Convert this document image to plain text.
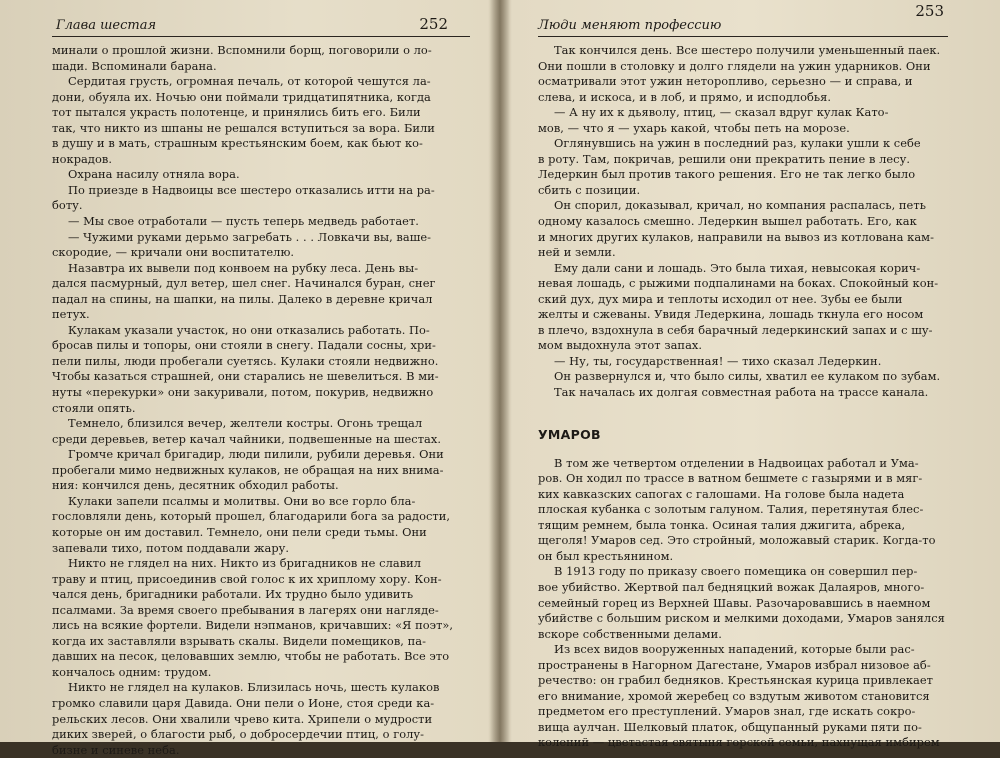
Глава шестая	252

минали о прошлой жизни. Вспомнили борщ, поговорили о ло-
шади. Вспоминали барана.

Сердитая грусть, огромная печаль, от которой чешутся ла-
дони, обуяла их. Ночью они поймали тридцатипятника, когда
тот пытался украсть полотенце, и принялись бить его. Били
так, что никто из шпаны не решался вступиться за вора. Били
в душу и в мать, страшным крестьянским боем, как бьют ко-
нокрадов.

Охрана насилу отняла вора.

По приезде в Надвоицы все шестеро отказались итти на ра-
боту.

— Мы свое отработали — пусть теперь медведь работает.

— Чужими руками дерьмо загребать . . . Ловкачи вы, ваше-
скородие, — кричали они воспитателю.

Назавтра их вывели под конвоем на рубку леса. День вы-
дался пасмурный, дул ветер, шел снег. Начинался буран, снег
падал на спины, на шапки, на пилы. Далеко в деревне кричал
петух.

Кулакам указали участок, но они отказались работать. По-
бросав пилы и топоры, они стояли в снегу. Падали сосны, хри-
пели пилы, люди пробегали суетясь. Кулаки стояли недвижно.
Чтобы казаться страшней, они старались не шевелиться. В ми-
нуты «перекурки» они закуривали, потом, покурив, недвижно
стояли опять.

Темнело, близился вечер, желтели костры. Огонь трещал
среди деревьев, ветер качал чайники, подвешенные на шестах.

Громче кричал бригадир, люди пилили, рубили деревья. Они
пробегали мимо недвижных кулаков, не обращая на них внима-
ния: кончился день, десятник обходил работы.

Кулаки запели псалмы и молитвы. Они во все горло бла-
гословляли день, который прошел, благодарили бога за радости,
которые он им доставил. Темнело, они пели среди тьмы. Они
запевали тихо, потом поддавали жару.

Никто не глядел на них. Никто из бригадников не славил
траву и птиц, присоединив свой голос к их хриплому хору. Кон-
чался день, бригадники работали. Их трудно было удивить
псалмами. За время своего пребывания в лагерях они нагляде-
лись на всякие фортели. Видели нэпманов, кричавших: «Я поэт»,
когда их заставляли взрывать скалы. Видели помещиков, па-
давших на песок, целовавших землю, чтобы не работать. Все это
кончалось одним: трудом.

Никто не глядел на кулаков. Близилась ночь, шесть кулаков
громко славили царя Давида. Они пели о Ионе, стоя среди ка-
рельских лесов. Они хвалили чрево кита. Хрипели о мудрости
диких зверей, о благости рыб, о добросердечии птиц, о голу-
бизне и синеве неба.

Люди меняют профессию
253

Так кончился день. Все шестеро получили уменьшенный паек.
Они пошли в столовку и долго глядели на ужин ударников. Они
осматривали этот ужин неторопливо, серьезно — и справа, и
слева, и искоса, и в лоб, и прямо, и исподлобья.

— А ну их к дьяволу, птиц, — сказал вдруг кулак Като-
мов, — что я — ухарь какой, чтобы петь на морозе.

Оглянувшись на ужин в последний раз, кулаки ушли к себе
в роту. Там, покричав, решили они прекратить пение в лесу.
Ледеркин был против такого решения. Его не так легко было
сбить с позиции.

Он спорил, доказывал, кричал, но компания распалась, петь
одному казалось смешно. Ледеркин вышел работать. Его, как
и многих других кулаков, направили на вывоз из котлована кам-
ней и земли.

Ему дали сани и лошадь. Это была тихая, невысокая корич-
невая лошадь, с рыжими подпалинами на боках. Спокойный кон-
ский дух, дух мира и теплоты исходил от нее. Зубы ее были
желты и сжеваны. Увидя Ледеркина, лошадь ткнула его носом
в плечо, вздохнула в себя барачный ледеркинский запах и с шу-
мом выдохнула этот запах.

— Ну, ты, государственная! — тихо сказал Ледеркин.

Он развернулся и, что было силы, хватил ее кулаком по зубам.

Так началась их долгая совместная работа на трассе канала.

УМАРОВ

В том же четвертом отделении в Надвоицах работал и Ума-
ров. Он ходил по трассе в ватном бешмете с газырями и в мяг-
ких кавказских сапогах с галошами. На голове была надета
плоская кубанка с золотым галуном. Талия, перетянутая блес-
тящим ремнем, была тонка. Осиная талия джигита, абрека,
щеголя! Умаров сед. Это стройный, моложавый старик. Когда-то
он был крестьянином.

В 1913 году по приказу своего помещика он совершил пер-
вое убийство. Жертвой пал бедняцкий вожак Далаяров, много-
семейный горец из Верхней Шавы. Разочаровавшись в наемном
убийстве с большим риском и мелкими доходами, Умаров занялся
вскоре собственными делами.

Из всех видов вооруженных нападений, которые были рас-
пространены в Нагорном Дагестане, Умаров избрал низовое аб-
речество: он грабил бедняков. Крестьянская курица привлекает
его внимание, хромой жеребец со вздутым животом становится
предметом его преступлений. Умаров знал, где искать сокро-
вища аулчан. Шелковый платок, общупанный руками пяти по-
колений — цветастая святыня горской семьи, пахнущая имбирем
